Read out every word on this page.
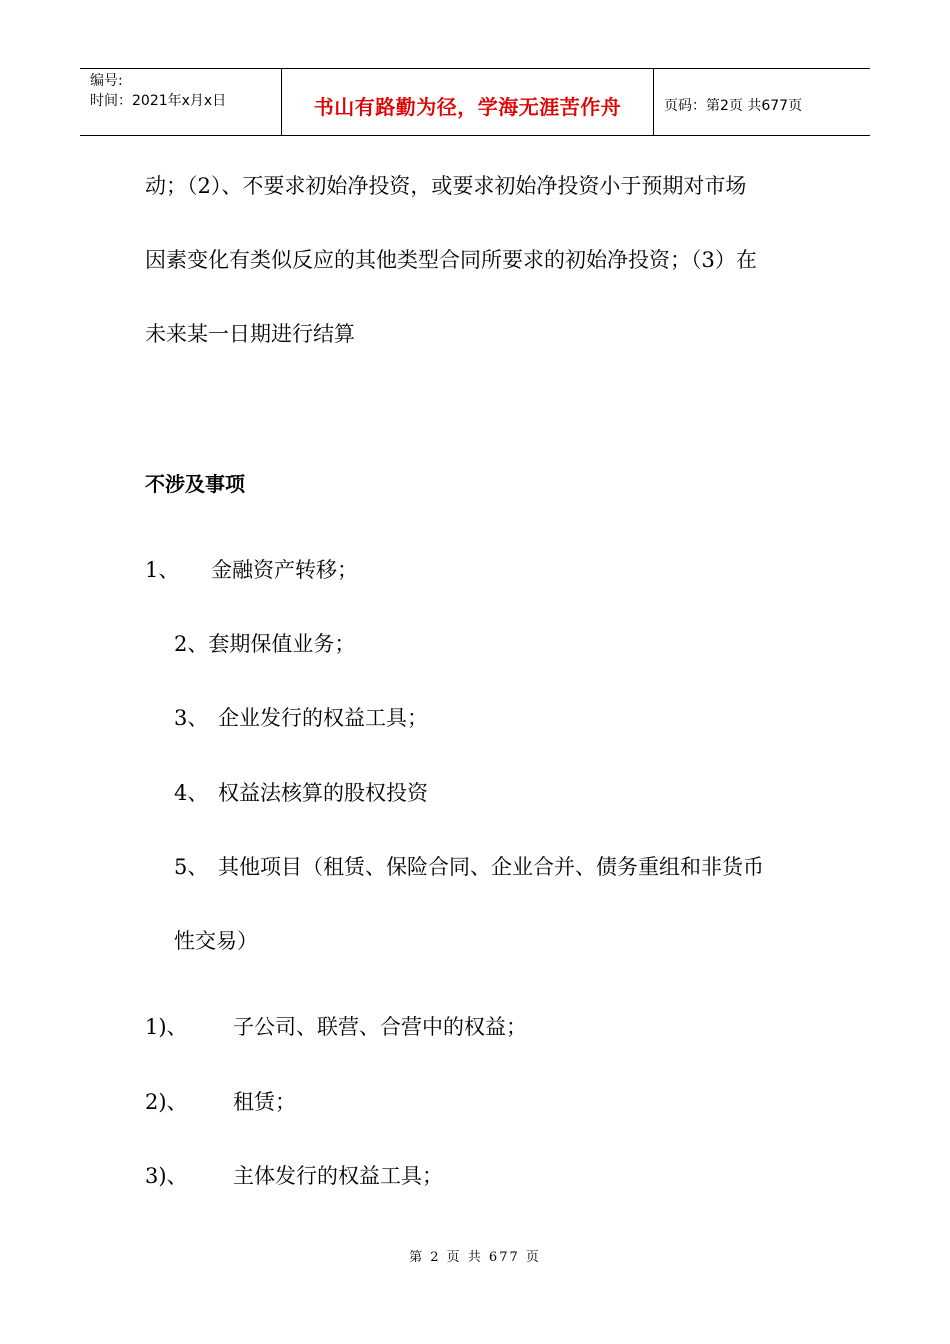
编号:
时间：2021年x月x日	书山有路勤为径，学海无涯苦作舟	页码：第2页 共677页
动；（2）、不要求初始净投资，或要求初始净投资小于预期对市场
因素变化有类似反应的其他类型合同所要求的初始净投资；（3）在
未来某一日期进行结算
不涉及事项
1、 金融资产转移；
2、套期保值业务；
3、 企业发行的权益工具；
4、 权益法核算的股权投资
5、 其他项目（租赁、保险合同、企业合并、债务重组和非货币
性交易）
1)、 子公司、联营、合营中的权益；
2)、 租赁；
3)、 主体发行的权益工具；
第 2 页 共 677 页
